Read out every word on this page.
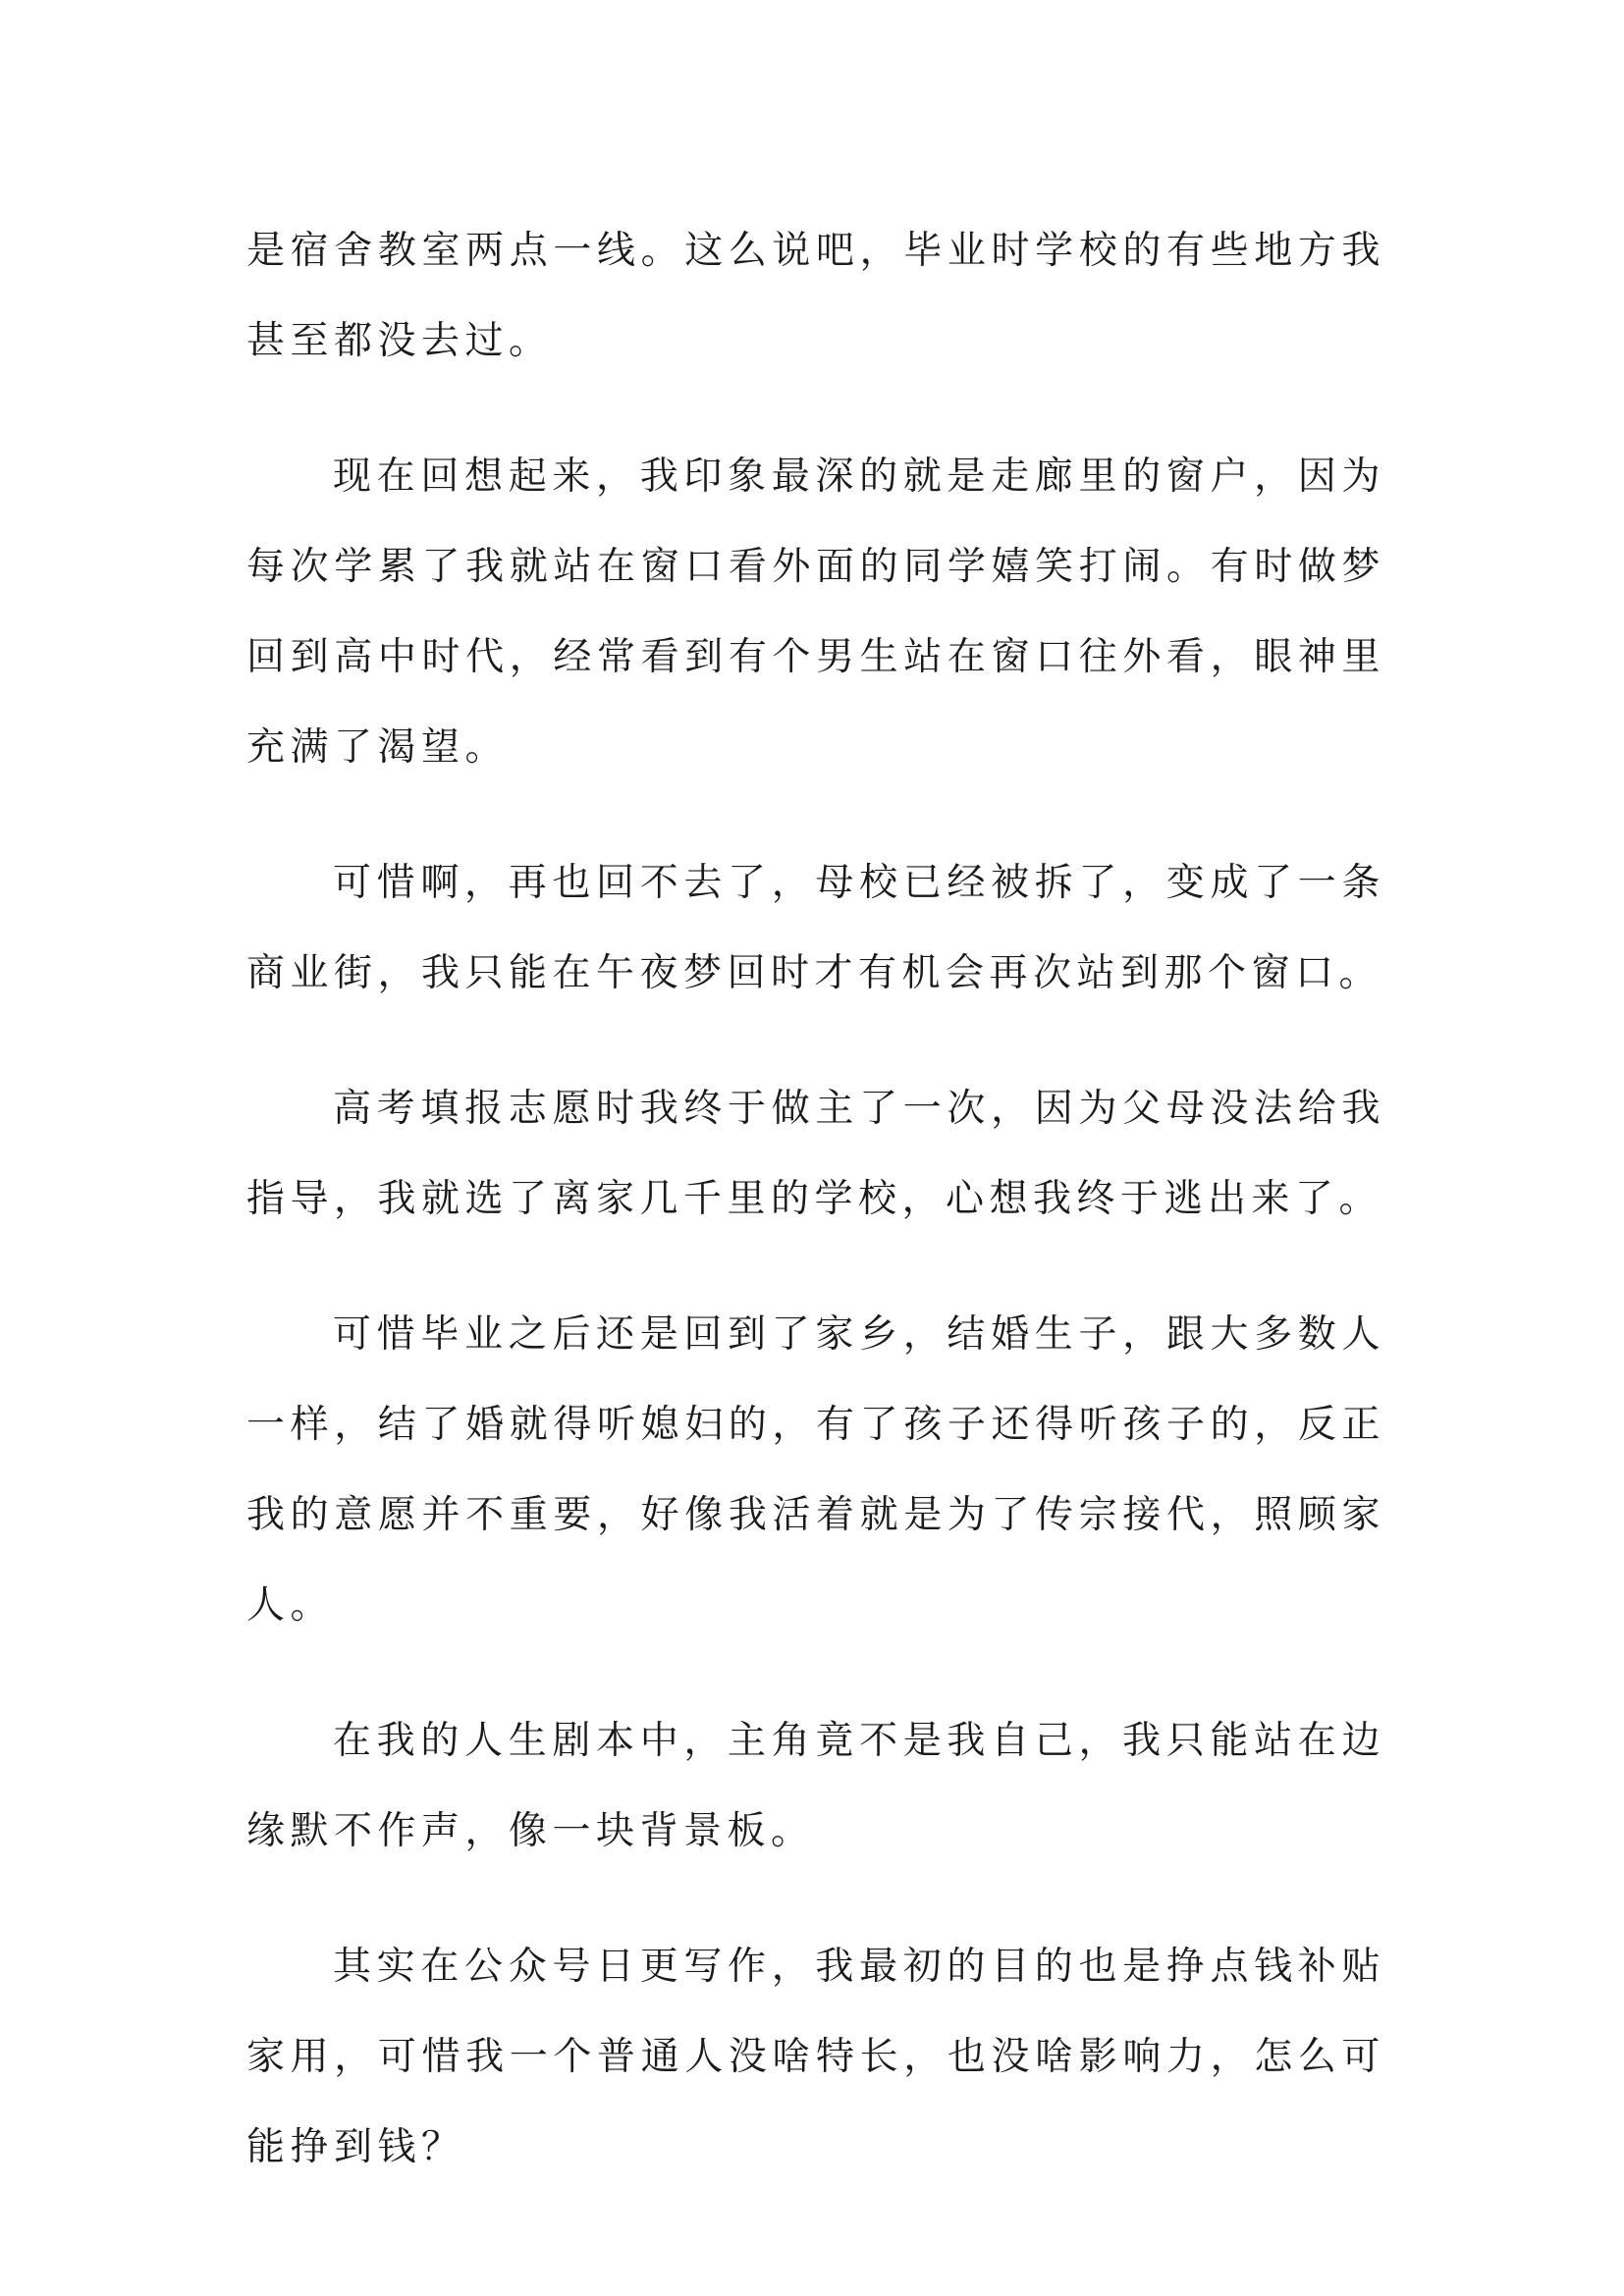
是宿舍教室两点一线。这么说吧，毕业时学校的有些地方我甚至都没去过。

现在回想起来，我印象最深的就是走廊里的窗户，因为每次学累了我就站在窗口看外面的同学嬉笑打闹。有时做梦回到高中时代，经常看到有个男生站在窗口往外看，眼神里充满了渴望。

可惜啊，再也回不去了，母校已经被拆了，变成了一条商业街，我只能在午夜梦回时才有机会再次站到那个窗口。

高考填报志愿时我终于做主了一次，因为父母没法给我指导，我就选了离家几千里的学校，心想我终于逃出来了。

可惜毕业之后还是回到了家乡，结婚生子，跟大多数人一样，结了婚就得听媳妇的，有了孩子还得听孩子的，反正我的意愿并不重要，好像我活着就是为了传宗接代，照顾家人。

在我的人生剧本中，主角竟不是我自己，我只能站在边缘默不作声，像一块背景板。

其实在公众号日更写作，我最初的目的也是挣点钱补贴家用，可惜我一个普通人没啥特长，也没啥影响力，怎么可能挣到钱？
